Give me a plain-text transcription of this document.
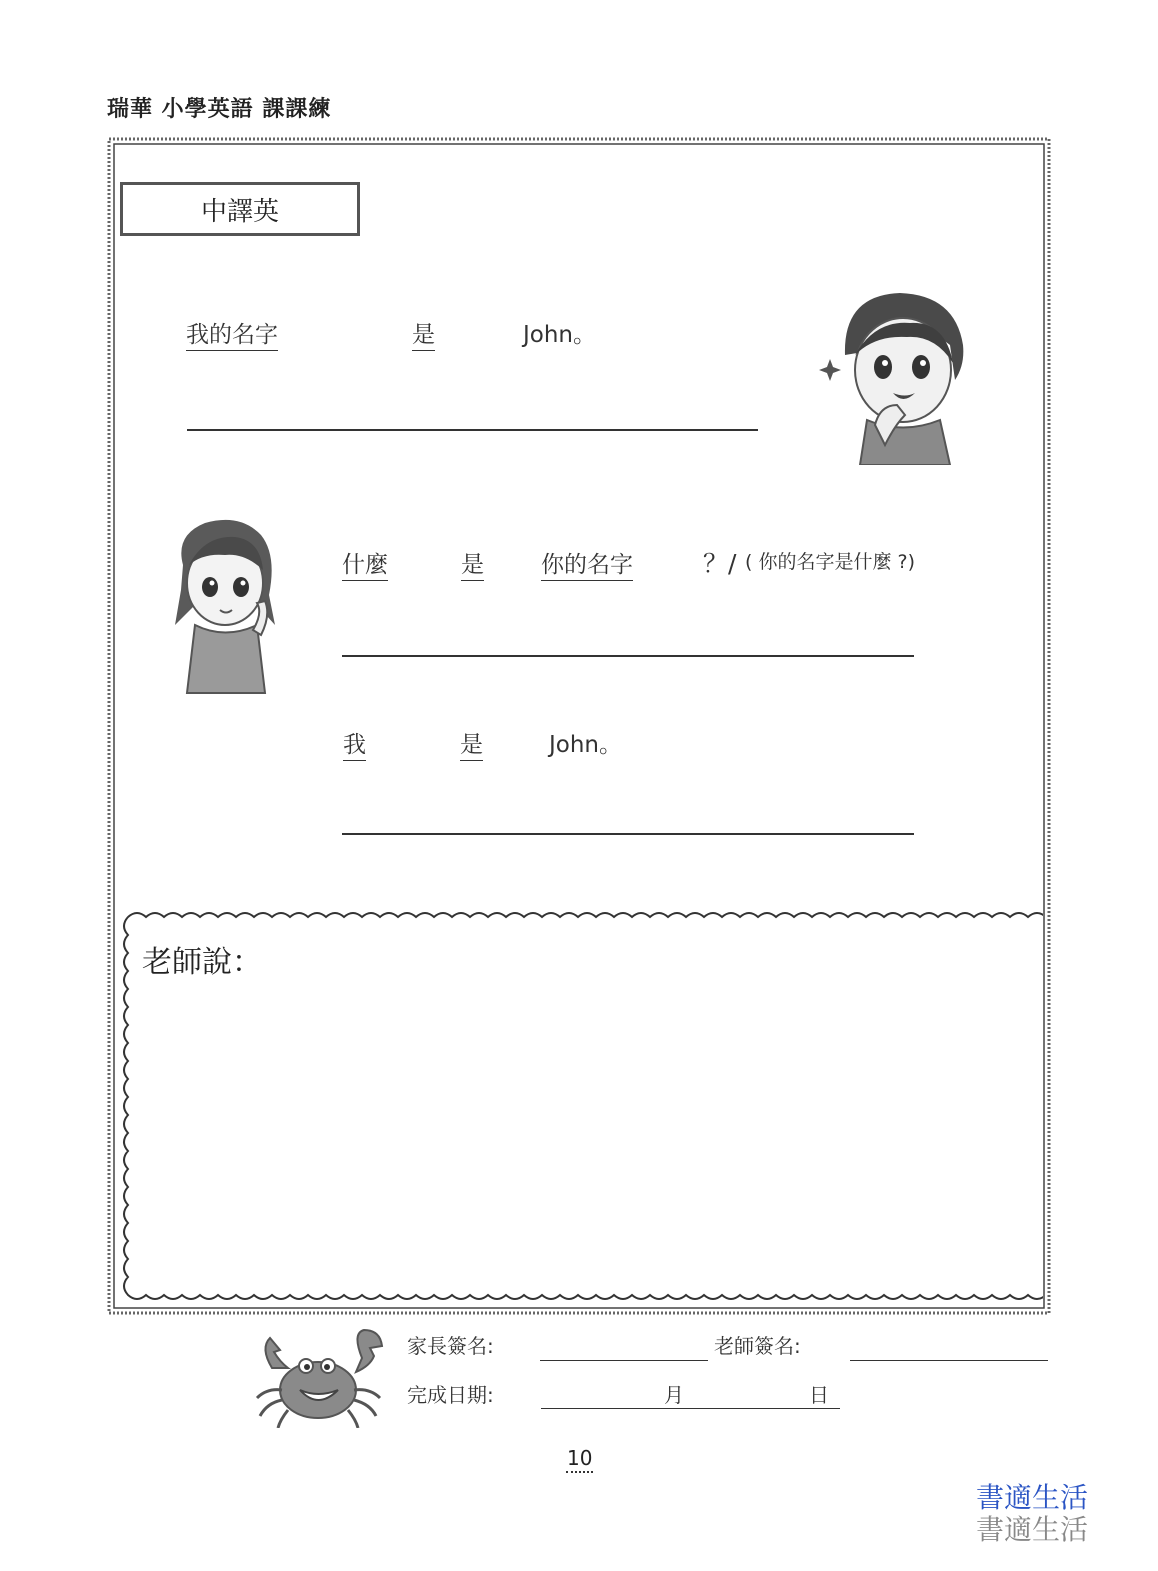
瑞華 小學英語 課課練
中譯英
我的名字	是	John。
什麼	是 你的名字	？/ ( 你的名字是什麼 ?)
我	是	John。
老師說：
家長簽名:	老師簽名:
完成日期:	月	日
10
書適生活
書適生活
